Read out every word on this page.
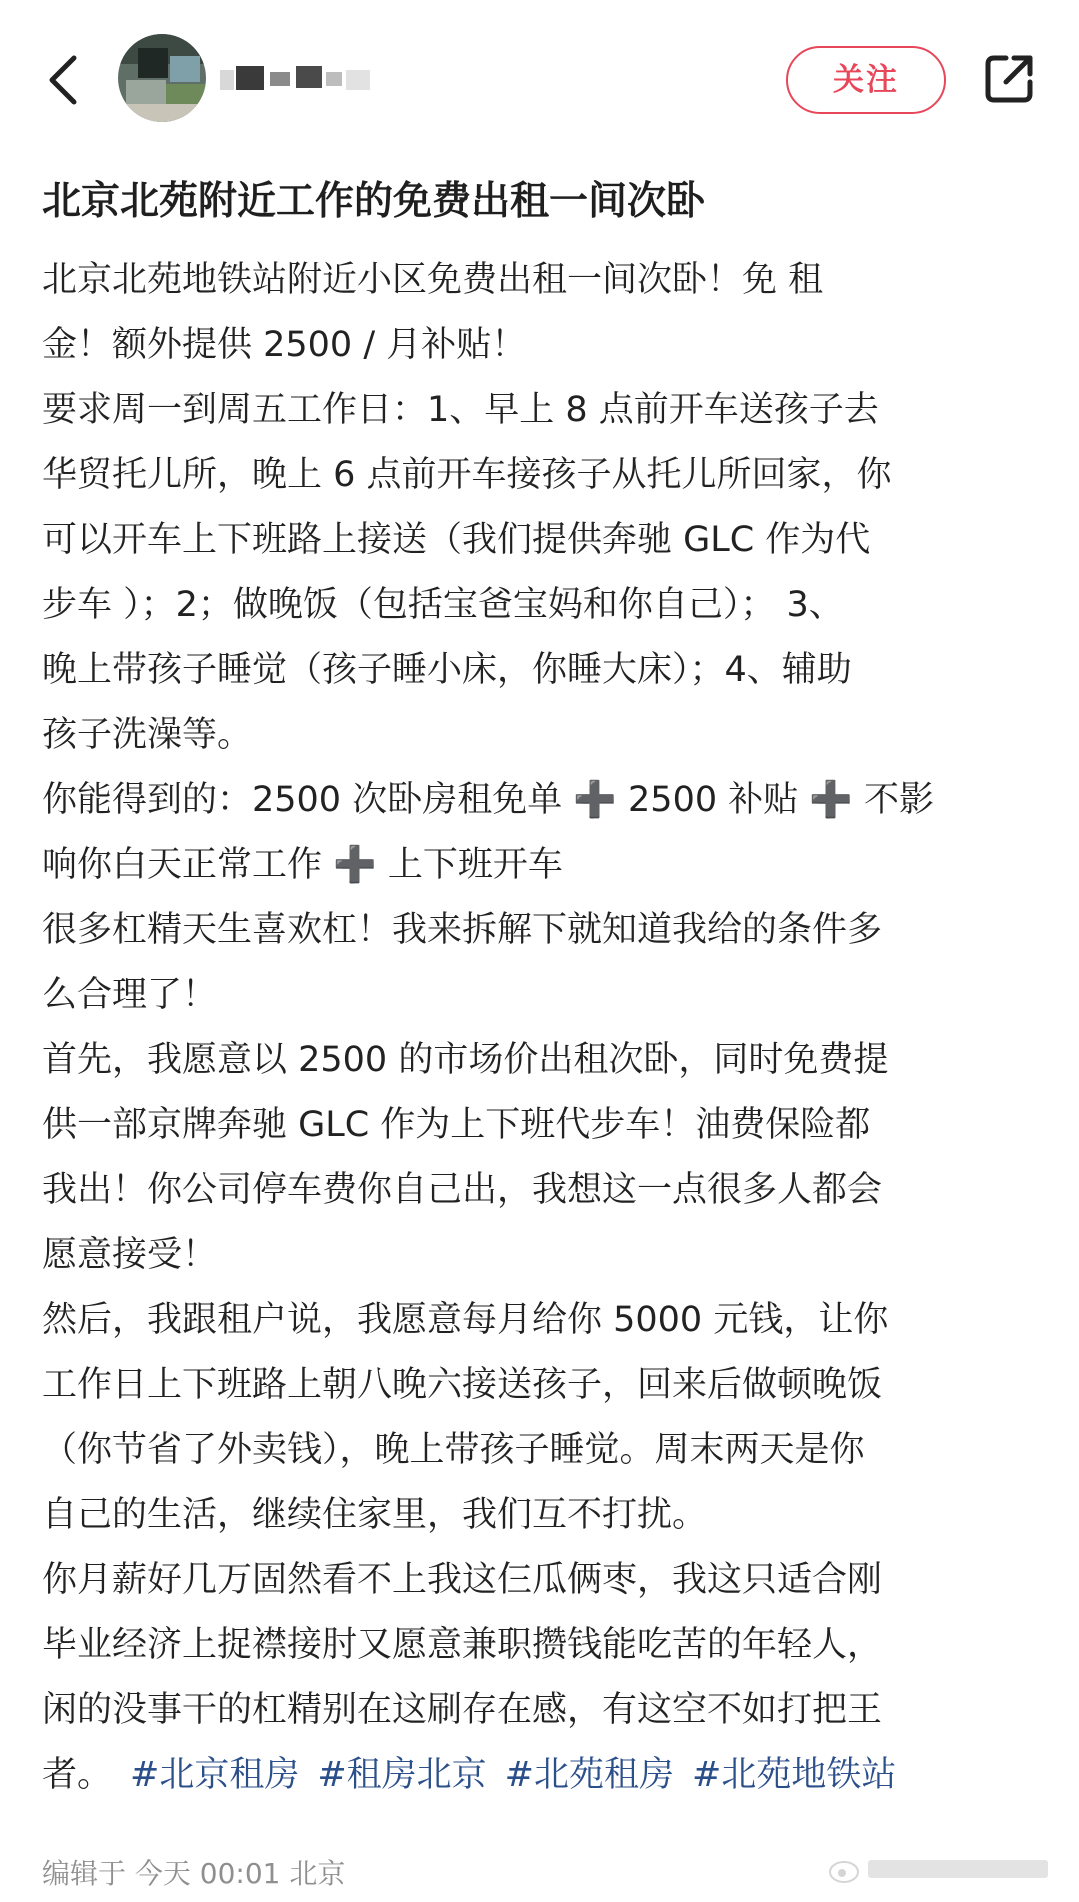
关注
北京北苑附近工作的免费出租一间次卧
北京北苑地铁站附近小区免费出租一间次卧！免 租
金！额外提供 2500 / 月补贴！
要求周一到周五工作日：1、早上 8 点前开车送孩子去
华贸托儿所，晚上 6 点前开车接孩子从托儿所回家，你
可以开车上下班路上接送（我们提供奔驰 GLC 作为代
步车 ）；2；做晚饭（包括宝爸宝妈和你自己）； 3、
晚上带孩子睡觉（孩子睡小床，你睡大床）；4、辅助
孩子洗澡等。
你能得到的：2500 次卧房租免单 ➕ 2500 补贴 ➕ 不影
响你白天正常工作 ➕ 上下班开车
很多杠精天生喜欢杠！我来拆解下就知道我给的条件多
么合理了！
首先，我愿意以 2500 的市场价出租次卧，同时免费提
供一部京牌奔驰 GLC 作为上下班代步车！油费保险都
我出！你公司停车费你自己出，我想这一点很多人都会
愿意接受！
然后，我跟租户说，我愿意每月给你 5000 元钱，让你
工作日上下班路上朝八晚六接送孩子，回来后做顿晚饭
（你节省了外卖钱），晚上带孩子睡觉。周末两天是你
自己的生活，继续住家里，我们互不打扰。
你月薪好几万固然看不上我这仨瓜俩枣，我这只适合刚
毕业经济上捉襟接肘又愿意兼职攒钱能吃苦的年轻人，
闲的没事干的杠精别在这刷存在感，有这空不如打把王
者。 #北京租房 #租房北京 #北苑租房 #北苑地铁站
编辑于 今天 00:01 北京
